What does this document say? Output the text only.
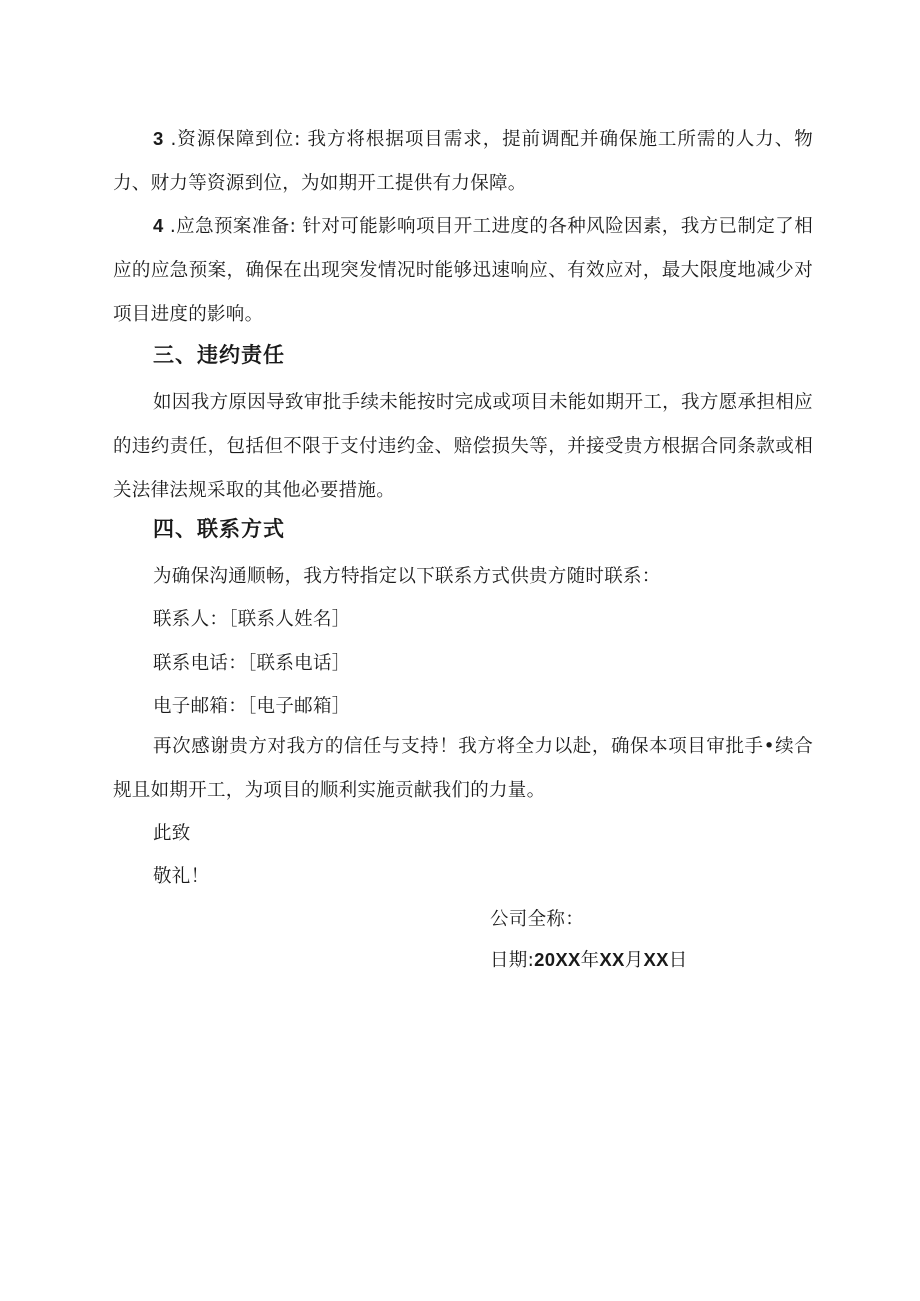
3 .资源保障到位: 我方将根据项目需求，提前调配并确保施工所需的人力、物力、财力等资源到位，为如期开工提供有力保障。

4 .应急预案准备: 针对可能影响项目开工进度的各种风险因素，我方已制定了相应的应急预案，确保在出现突发情况时能够迅速响应、有效应对，最大限度地减少对项目进度的影响。

三、违约责任

如因我方原因导致审批手续未能按时完成或项目未能如期开工，我方愿承担相应的违约责任，包括但不限于支付违约金、赔偿损失等，并接受贵方根据合同条款或相关法律法规采取的其他必要措施。

四、联系方式

为确保沟通顺畅，我方特指定以下联系方式供贵方随时联系：

联系人：［联系人姓名］

联系电话：［联系电话］

电子邮箱：［电子邮箱］

再次感谢贵方对我方的信任与支持！我方将全力以赴，确保本项目审批手•续合规且如期开工，为项目的顺利实施贡献我们的力量。

此致

敬礼！

公司全称：

日期:20XX年XX月XX日
